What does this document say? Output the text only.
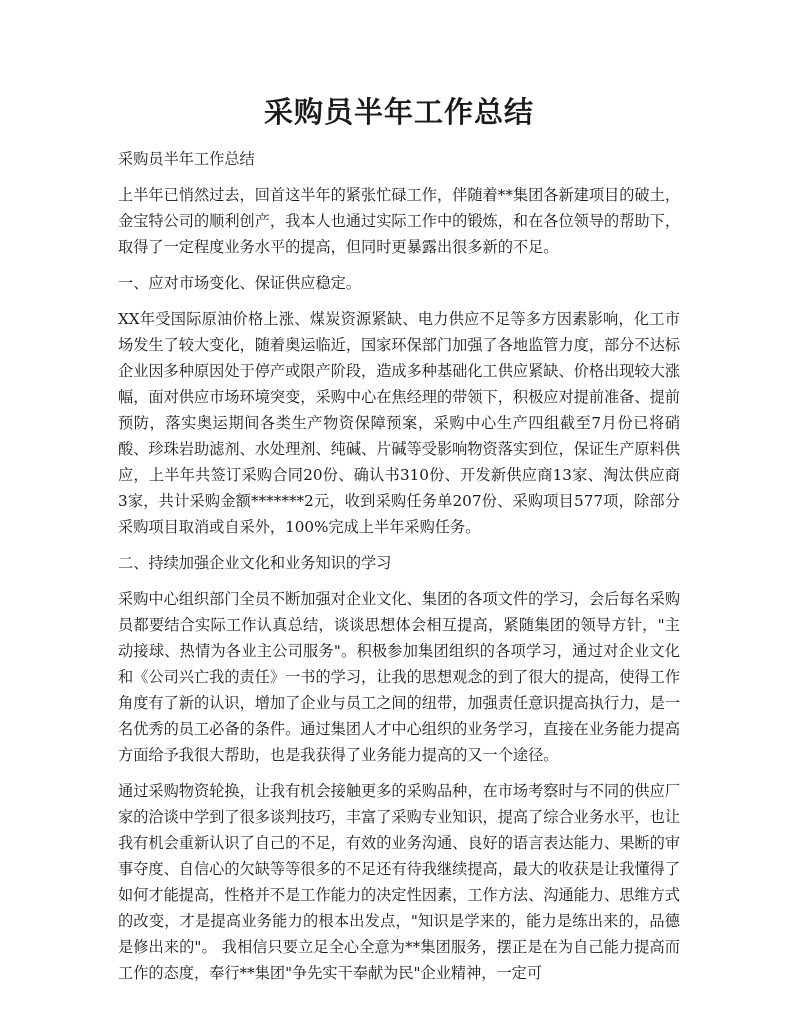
采购员半年工作总结

采购员半年工作总结

上半年已悄然过去，回首这半年的紧张忙碌工作，伴随着**集团各新建项目的破土，金宝特公司的顺利创产，我本人也通过实际工作中的锻炼，和在各位领导的帮助下，取得了一定程度业务水平的提高，但同时更暴露出很多新的不足。

一、应对市场变化、保证供应稳定。

XX年受国际原油价格上涨、煤炭资源紧缺、电力供应不足等多方因素影响，化工市场发生了较大变化，随着奥运临近，国家环保部门加强了各地监管力度，部分不达标企业因多种原因处于停产或限产阶段，造成多种基础化工供应紧缺、价格出现较大涨幅，面对供应市场环境突变，采购中心在焦经理的带领下，积极应对提前准备、提前预防，落实奥运期间各类生产物资保障预案，采购中心生产四组截至7月份已将硝酸、珍珠岩助滤剂、水处理剂、纯碱、片碱等受影响物资落实到位，保证生产原料供应，上半年共签订采购合同20份、确认书310份、开发新供应商13家、淘汰供应商3家，共计采购金额*******2元，收到采购任务单207份、采购项目577项，除部分采购项目取消或自采外，100%完成上半年采购任务。

二、持续加强企业文化和业务知识的学习

采购中心组织部门全员不断加强对企业文化、集团的各项文件的学习，会后每名采购员都要结合实际工作认真总结，谈谈思想体会相互提高，紧随集团的领导方针，"主动接球、热情为各业主公司服务"。积极参加集团组织的各项学习，通过对企业文化和《公司兴亡我的责任》一书的学习，让我的思想观念的到了很大的提高，使得工作角度有了新的认识，增加了企业与员工之间的纽带，加强责任意识提高执行力，是一名优秀的员工必备的条件。通过集团人才中心组织的业务学习，直接在业务能力提高方面给予我很大帮助，也是我获得了业务能力提高的又一个途径。

通过采购物资轮换，让我有机会接触更多的采购品种，在市场考察时与不同的供应厂家的洽谈中学到了很多谈判技巧，丰富了采购专业知识，提高了综合业务水平，也让我有机会重新认识了自己的不足，有效的业务沟通、良好的语言表达能力、果断的审事夺度、自信心的欠缺等等很多的不足还有待我继续提高，最大的收获是让我懂得了如何才能提高，性格并不是工作能力的决定性因素，工作方法、沟通能力、思维方式的改变，才是提高业务能力的根本出发点，"知识是学来的，能力是练出来的，品德是修出来的"。 我相信只要立足全心全意为**集团服务，摆正是在为自己能力提高而工作的态度，奉行**集团"争先实干奉献为民"企业精神，一定可
